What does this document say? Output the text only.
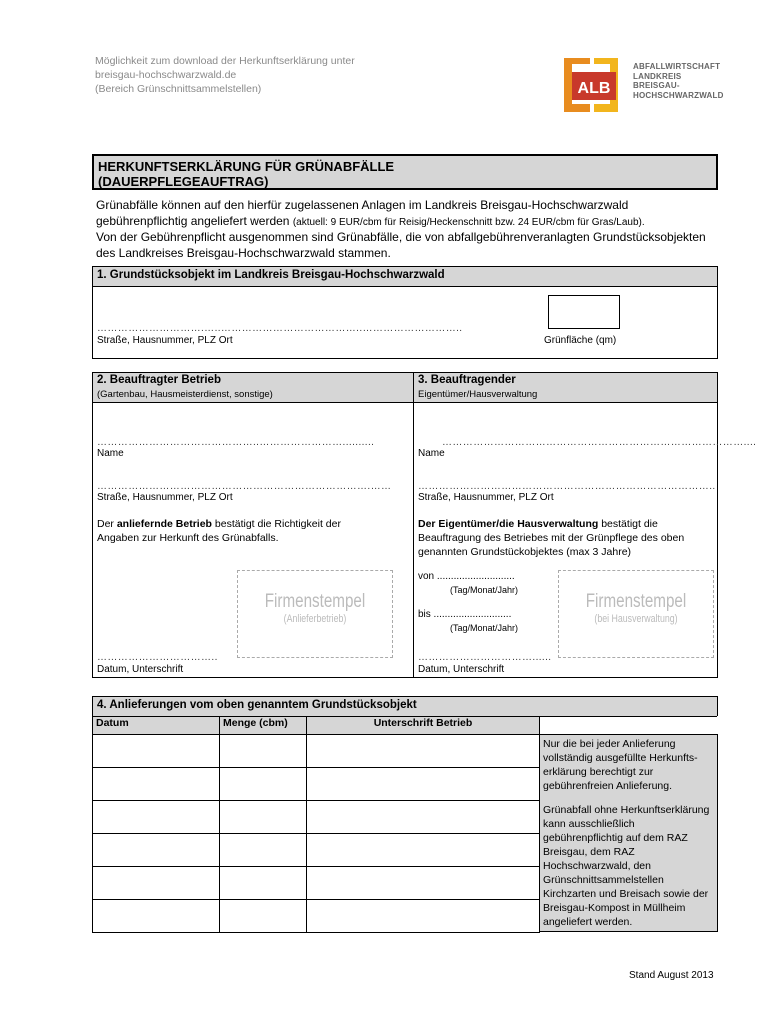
Möglichkeit zum download der Herkunftserklärung unter
breisgau-hochschwarzwald.de
(Bereich Grünschnittsammelstellen)	ALB
ABFALLWIRTSCHAFT
LANDKREIS
BREISGAU-
HOCHSCHWARZWALD
HERKUNFTSERKLÄRUNG FÜR GRÜNABFÄLLE
(DAUERPFLEGEAUFTRAG)
Grünabfälle können auf den hierfür zugelassenen Anlagen im Landkreis Breisgau-Hochschwarzwald
gebührenpflichtig angeliefert werden (aktuell: 9 EUR/cbm für Reisig/Heckenschnitt bzw. 24 EUR/cbm für Gras/Laub).
Von der Gebührenpflicht ausgenommen sind Grünabfälle, die von abfallgebührenveranlagten Grundstücksobjekten
des Landkreises Breisgau-Hochschwarzwald stammen.
1. Grundstücksobjekt im Landkreis Breisgau-Hochschwarzwald
………………………….…..…………………………………..………………………..
Straße, Hausnummer, PLZ Ort	Grünfläche (qm)
2. Beauftragter Betrieb
(Gartenbau, Hausmeisterdienst, sonstige)
………………………………………..……………………..........
Name
…………………………………………………………………….……
Straße, Hausnummer, PLZ Ort
Der anliefernde Betrieb bestätigt die Richtigkeit der
Angaben zur Herkunft des Grünabfalls.
Firmenstempel
(Anlieferbetrieb)
……………………………..
Datum, Unterschrift
3. Beauftragender
Eigentümer/Hausverwaltung
……………………………………………………………………………....
Name
…………………………………………………………………………..
Straße, Hausnummer, PLZ Ort
Der Eigentümer/die Hausverwaltung bestätigt die
Beauftragung des Betriebes mit der Grünpflege des oben
genannten Grundstückobjektes (max 3 Jahre)
von ............................
(Tag/Monat/Jahr)
bis ............................
(Tag/Monat/Jahr)
Firmenstempel
(bei Hausverwaltung)
……………………………......
Datum, Unterschrift
4. Anlieferungen vom oben genanntem Grundstücksobjekt
Datum	Menge (cbm)	Unterschrift Betrieb

Nur die bei jeder Anlieferung
vollständig ausgefüllte Herkunfts-
erklärung berechtigt zur
gebührenfreien Anlieferung.
Grünabfall ohne Herkunftserklärung
kann ausschließlich
gebührenpflichtig auf dem RAZ
Breisgau, dem RAZ
Hochschwarzwald, den
Grünschnittsammelstellen
Kirchzarten und Breisach sowie der
Breisgau-Kompost in Müllheim
angeliefert werden.
Stand August 2013
